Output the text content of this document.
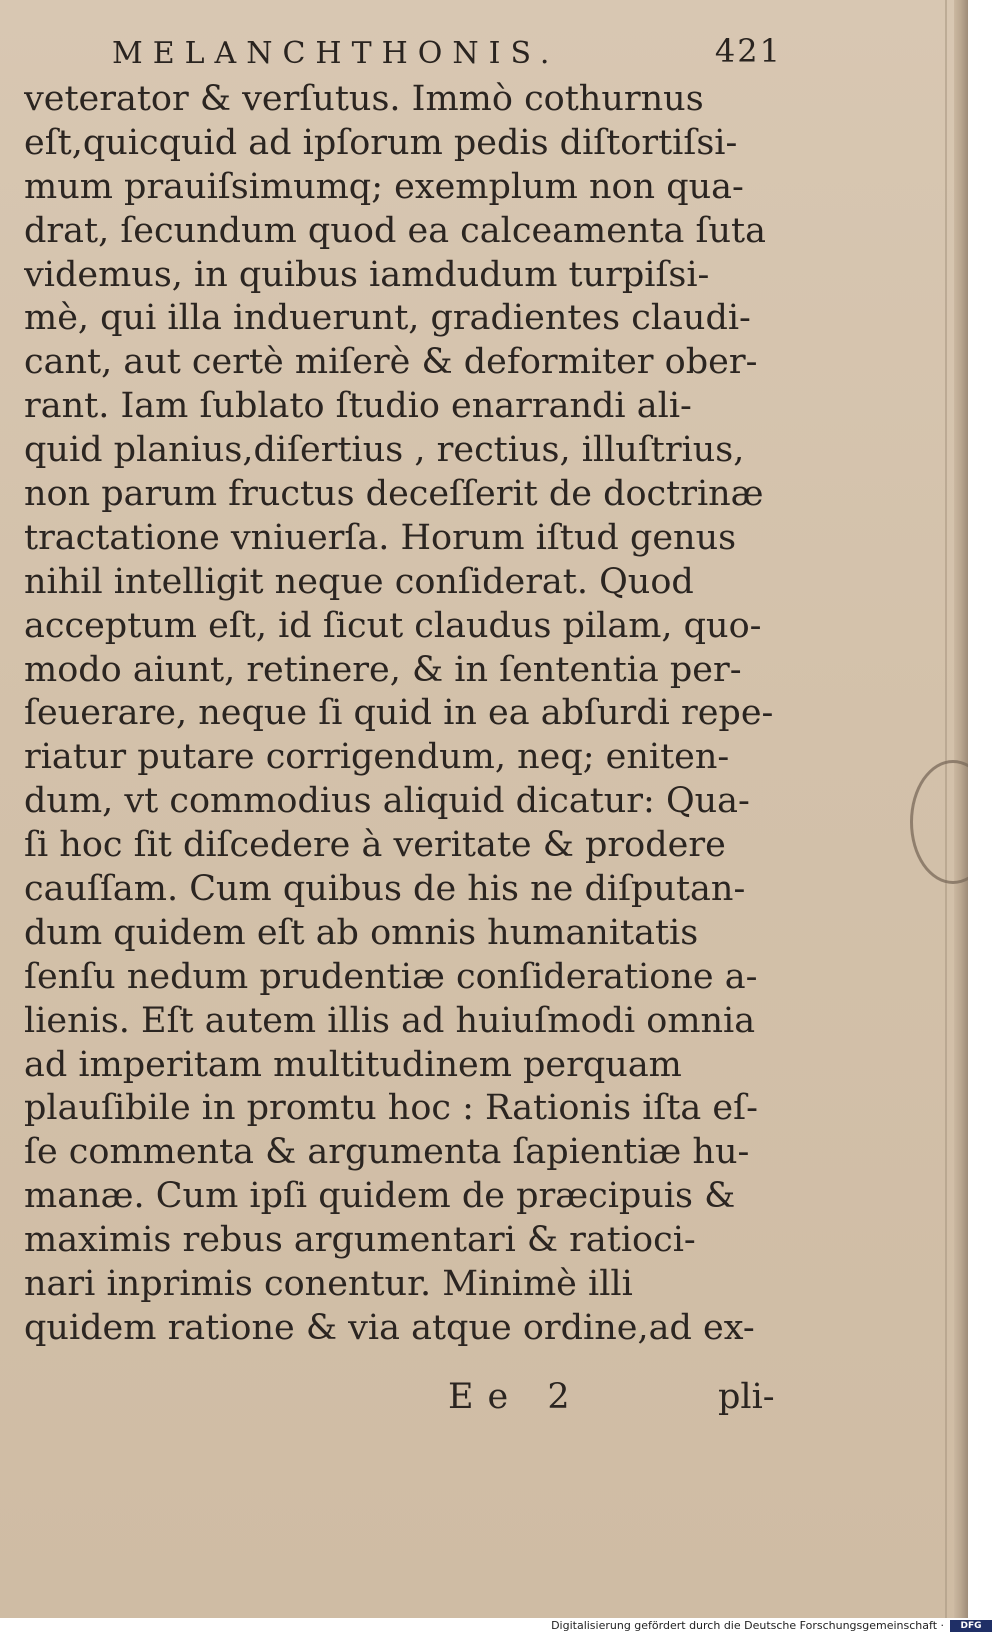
MELANCHTHONIS.	421
veterator & verſutus. Immò cothurnus
eſt,quicquid ad ipſorum pedis diſtortiſsi-
mum prauiſsimumq; exemplum non qua-
drat, ſecundum quod ea calceamenta ſuta
videmus, in quibus iamdudum turpiſsi-
mè, qui illa induerunt, gradientes claudi-
cant, aut certè miſerè & deformiter ober-
rant. Iam ſublato ſtudio enarrandi ali-
quid planius,diſertius , rectius, illuſtrius,
non parum fructus deceſſerit de doctrinæ
tractatione vniuerſa. Horum iſtud genus
nihil intelligit neque conſiderat. Quod
acceptum eſt, id ſicut claudus pilam, quo-
modo aiunt, retinere, & in ſententia per-
ſeuerare, neque ſi quid in ea abſurdi repe-
riatur putare corrigendum, neq; eniten-
dum, vt commodius aliquid dicatur: Qua-
ſi hoc ſit diſcedere à veritate & prodere
cauſſam. Cum quibus de his ne diſputan-
dum quidem eſt ab omnis humanitatis
ſenſu nedum prudentiæ conſideratione a-
lienis. Eſt autem illis ad huiuſmodi omnia
ad imperitam multitudinem perquam
plauſibile in promtu hoc : Rationis iſta eſ-
ſe commenta & argumenta ſapientiæ hu-
manæ. Cum ipſi quidem de præcipuis &
maximis rebus argumentari & ratioci-
nari inprimis conentur. Minimè illi
quidem ratione & via atque ordine,ad ex-
Ee 2	pli-
Digitalisierung gefördert durch die Deutsche Forschungsgemeinschaft ·	DFG
